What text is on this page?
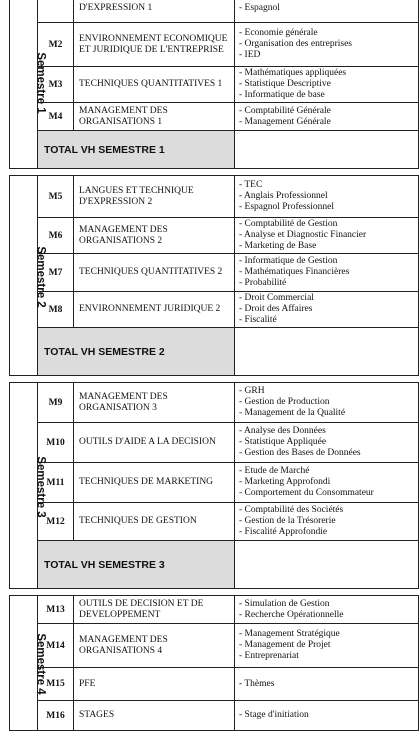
Semestre 1		D'EXPRESSION 1	- Espagnol

	M2	ENVIRONNEMENT ECONOMIQUE ET JURIDIQUE DE L'ENTREPRISE	- Economie générale
- Organisation des entreprises
- IED

	M3	TECHNIQUES QUANTITATIVES 1	- Mathématiques appliquées
- Statistique Descriptive
- Informatique de base

	M4	MANAGEMENT DES ORGANISATIONS 1	- Comptabilité Générale
- Management Générale

	TOTAL VH SEMESTRE 1		

Semestre 2	M5	LANGUES ET TECHNIQUE D'EXPRESSION 2	- TEC
- Anglais Professionnel
- Espagnol Professionnel

	M6	MANAGEMENT DES ORGANISATIONS 2	- Comptabilité de Gestion
- Analyse et Diagnostic Financier
- Marketing de Base

	M7	TECHNIQUES QUANTITATIVES 2	- Informatique de Gestion
- Mathématiques Financières
- Probabilité

	M8	ENVIRONNEMENT JURIDIQUE 2	- Droit Commercial
- Droit des Affaires
- Fiscalité

	TOTAL VH SEMESTRE 2		

Semestre 3	M9	MANAGEMENT DES ORGANISATION 3	- GRH
- Gestion de Production
- Management de la Qualité

	M10	OUTILS D'AIDE A LA DECISION	- Analyse des Données
- Statistique Appliquée
- Gestion des Bases de Données

	M11	TECHNIQUES DE MARKETING	- Etude de Marché
- Marketing Approfondi
- Comportement du Consommateur

	M12	TECHNIQUES DE GESTION	- Comptabilité des Sociétés
- Gestion de la Trésorerie
- Fiscalité Approfondie

	TOTAL VH SEMESTRE 3		

Semestre 4	M13	OUTILS DE DECISION ET DE DEVELOPPEMENT	- Simulation de Gestion
- Recherche Opérationnelle

	M14	MANAGEMENT DES ORGANISATIONS 4	- Management Stratégique
- Management de Projet
- Entreprenariat

	M15	PFE	- Thèmes

	M16	STAGES	- Stage d'initiation
